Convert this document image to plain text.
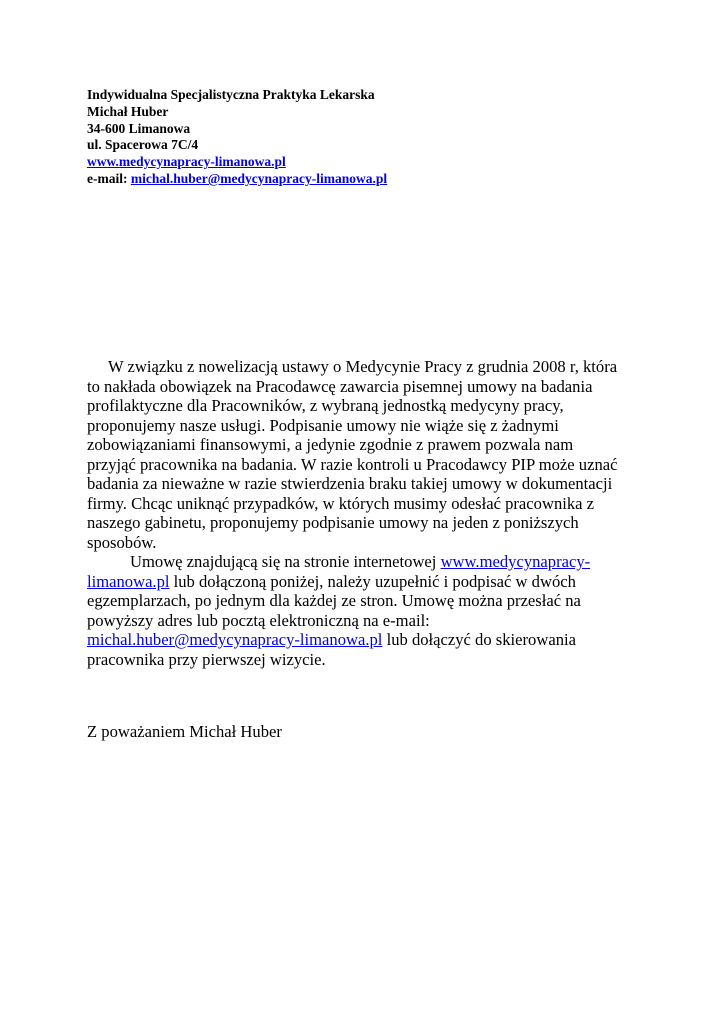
Indywidualna Specjalistyczna Praktyka Lekarska
Michał Huber
34-600 Limanowa
ul. Spacerowa 7C/4
www.medycynapracy-limanowa.pl
e-mail: michal.huber@medycynapracy-limanowa.pl
W związku z nowelizacją ustawy o Medycynie Pracy z grudnia 2008 r, która
to nakłada obowiązek na Pracodawcę zawarcia pisemnej umowy na badania
profilaktyczne dla Pracowników, z wybraną jednostką medycyny pracy,
proponujemy nasze usługi. Podpisanie umowy nie wiąże się z żadnymi
zobowiązaniami finansowymi, a jedynie zgodnie z prawem pozwala nam
przyjąć pracownika na badania. W razie kontroli u Pracodawcy PIP może uznać
badania za nieważne w razie stwierdzenia braku takiej umowy w dokumentacji
firmy. Chcąc uniknąć przypadków, w których musimy odesłać pracownika z
naszego gabinetu, proponujemy podpisanie umowy na jeden z poniższych
sposobów.
Umowę znajdującą się na stronie internetowej www.medycynapracy-
limanowa.pl lub dołączoną poniżej, należy uzupełnić i podpisać w dwóch
egzemplarzach, po jednym dla każdej ze stron. Umowę można przesłać na
powyższy adres lub pocztą elektroniczną na e-mail:
michal.huber@medycynapracy-limanowa.pl lub dołączyć do skierowania
pracownika przy pierwszej wizycie.
Z poważaniem Michał Huber
